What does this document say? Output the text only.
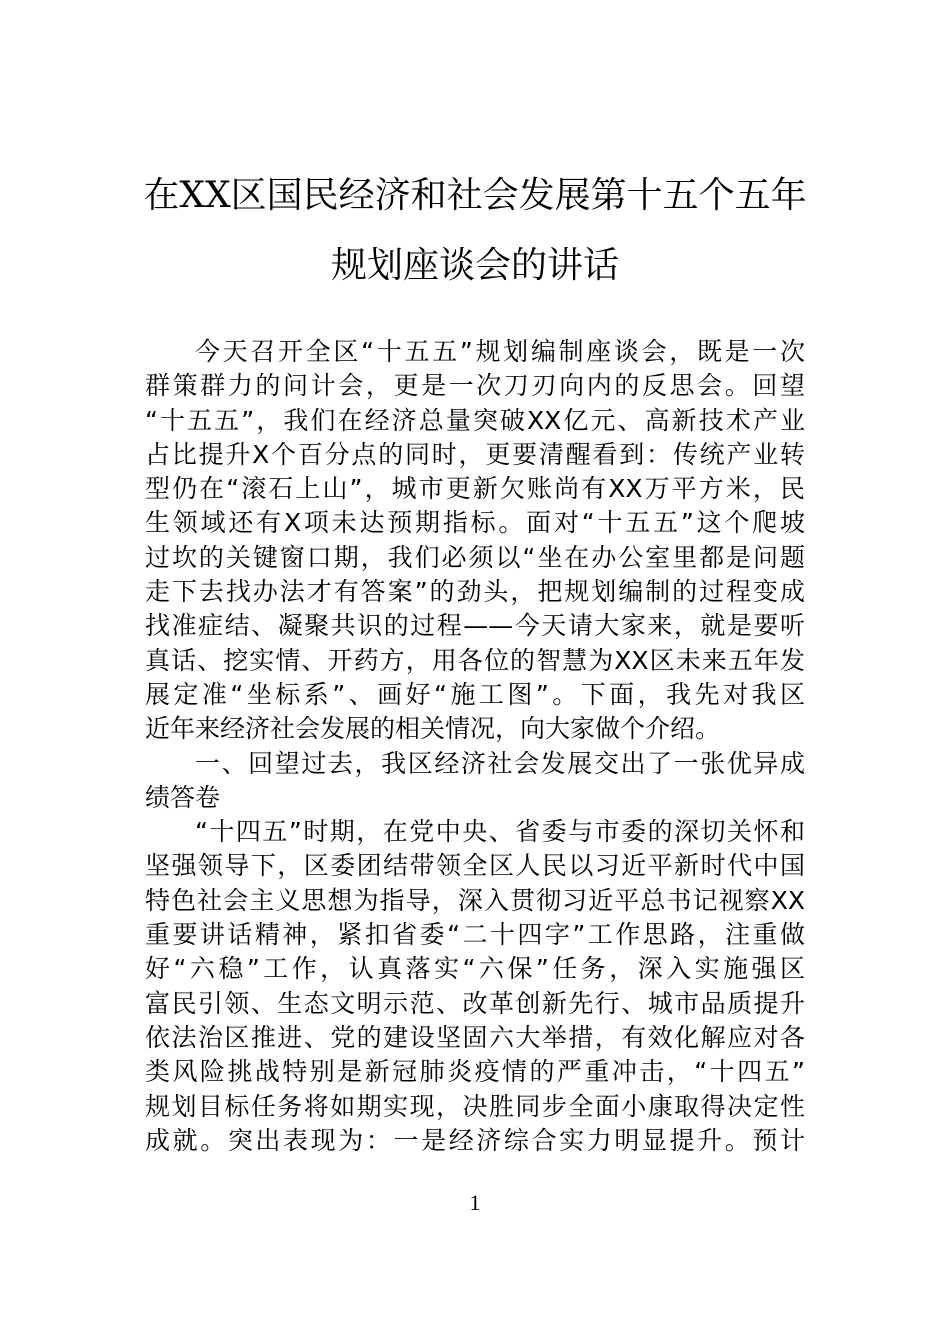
在XX区国民经济和社会发展第十五个五年
规划座谈会的讲话
今天召开全区“十五五”规划编制座谈会，既是一次
群策群力的问计会，更是一次刀刃向内的反思会。回望
“十五五”，我们在经济总量突破XX亿元、高新技术产业
占比提升X个百分点的同时，更要清醒看到：传统产业转
型仍在“滚石上山”，城市更新欠账尚有XX万平方米，民
生领域还有X项未达预期指标。面对“十五五”这个爬坡
过坎的关键窗口期，我们必须以“坐在办公室里都是问题
走下去找办法才有答案”的劲头，把规划编制的过程变成
找准症结、凝聚共识的过程——今天请大家来，就是要听
真话、挖实情、开药方，用各位的智慧为XX区未来五年发
展定准“坐标系”、画好“施工图”。下面，我先对我区
近年来经济社会发展的相关情况，向大家做个介绍。
一、回望过去，我区经济社会发展交出了一张优异成
绩答卷
“十四五”时期，在党中央、省委与市委的深切关怀和
坚强领导下，区委团结带领全区人民以习近平新时代中国
特色社会主义思想为指导，深入贯彻习近平总书记视察XX
重要讲话精神，紧扣省委“二十四字”工作思路，注重做
好“六稳”工作，认真落实“六保”任务，深入实施强区
富民引领、生态文明示范、改革创新先行、城市品质提升
依法治区推进、党的建设坚固六大举措，有效化解应对各
类风险挑战特别是新冠肺炎疫情的严重冲击，“十四五”
规划目标任务将如期实现，决胜同步全面小康取得决定性
成就。突出表现为：一是经济综合实力明显提升。预计
1
